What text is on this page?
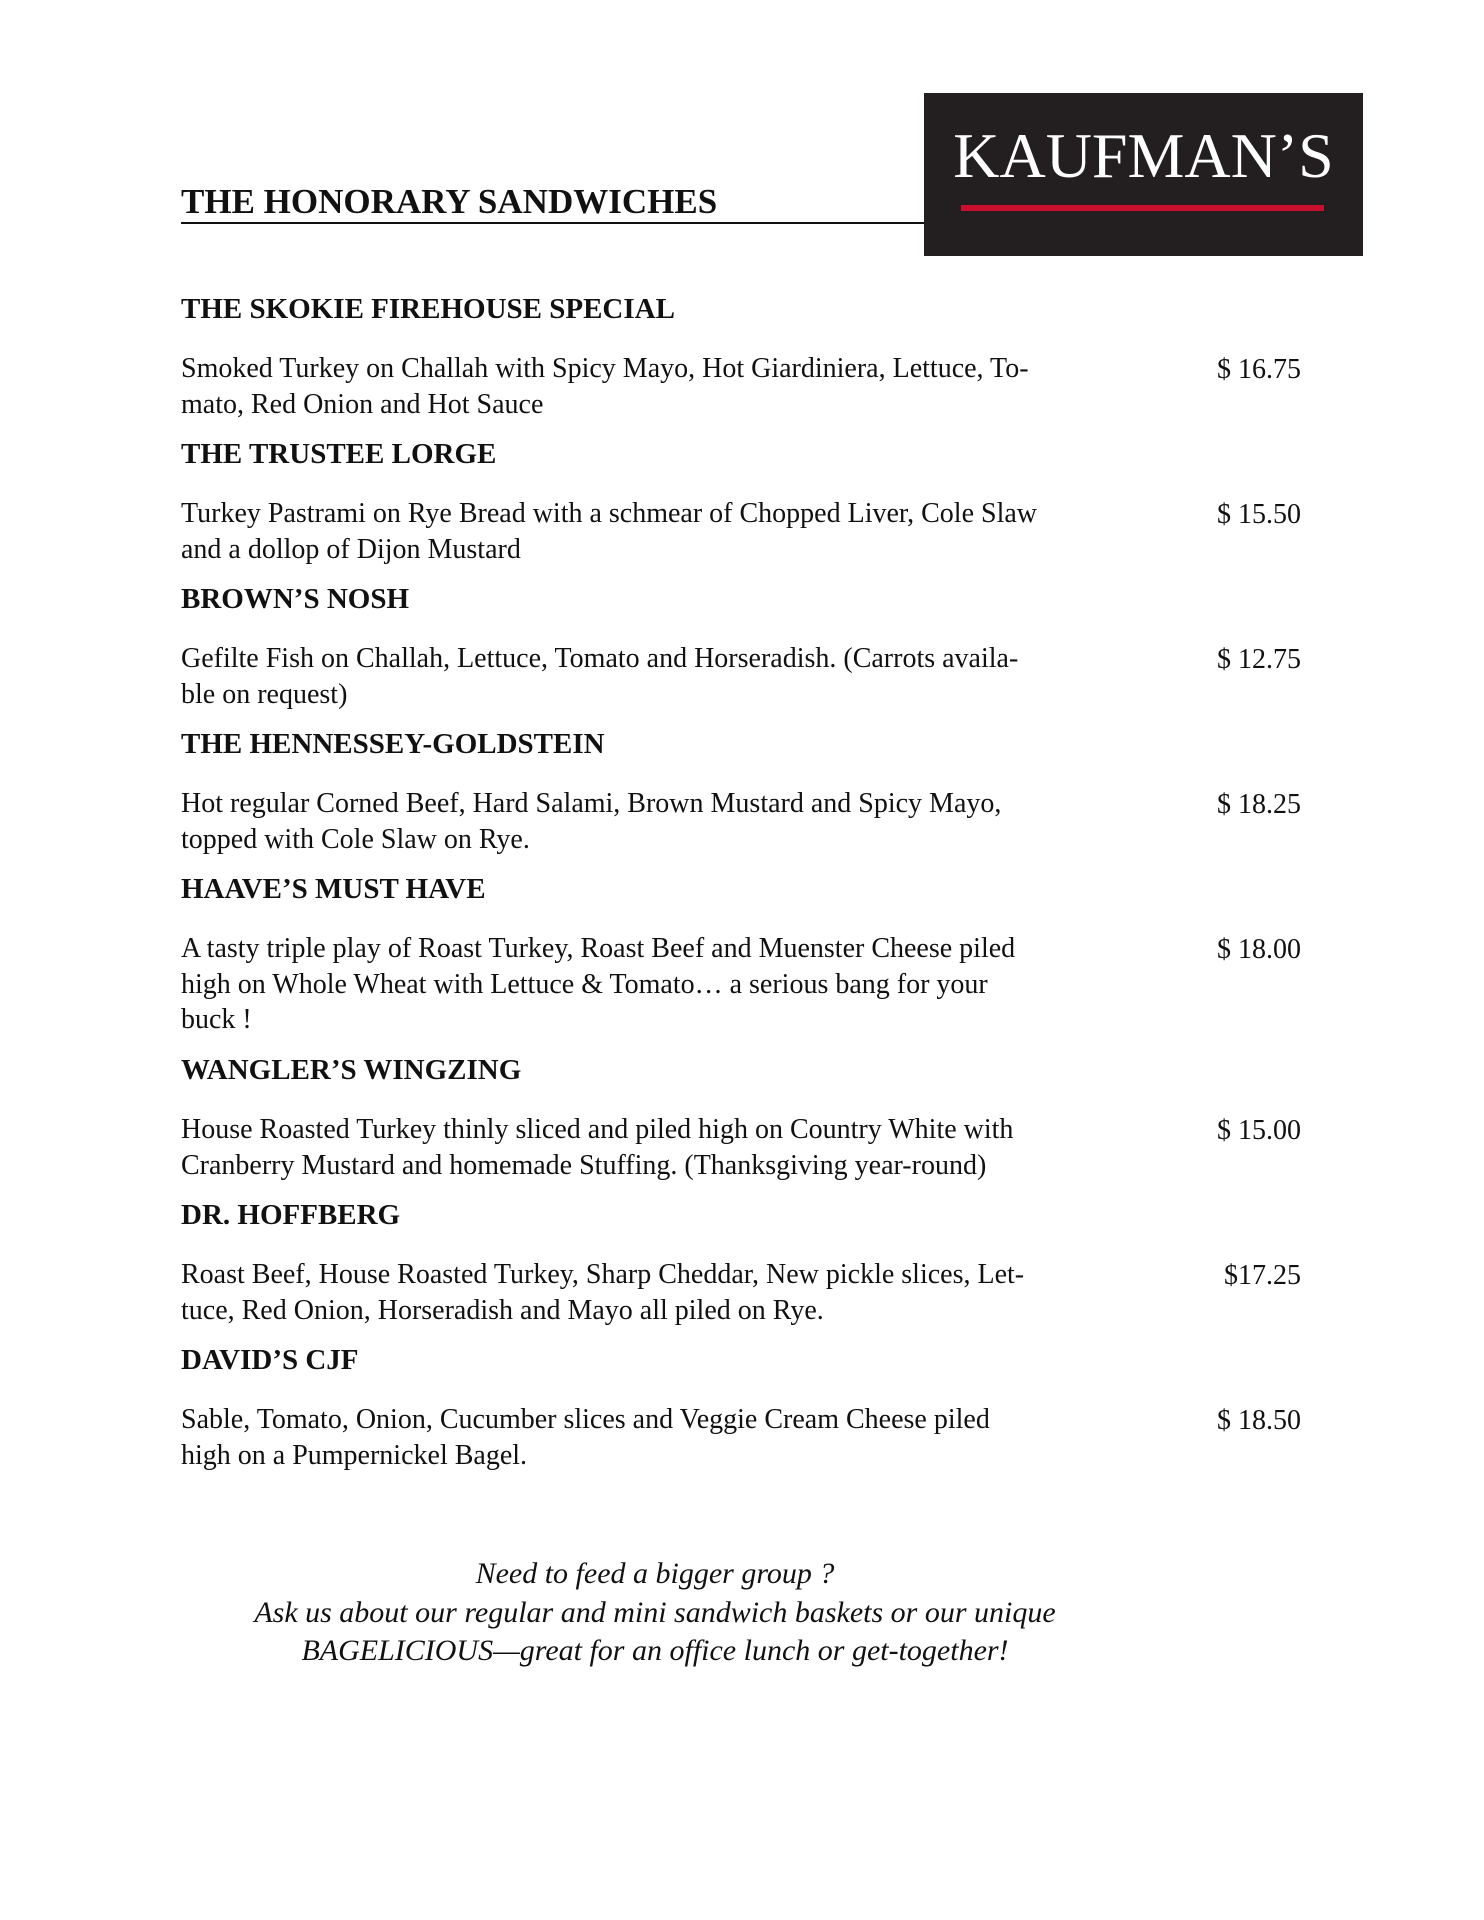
THE HONORARY SANDWICHES
KAUFMAN’S
THE SKOKIE FIREHOUSE SPECIAL
Smoked Turkey on Challah with Spicy Mayo, Hot Giardiniera, Lettuce, To-
mato, Red Onion and Hot Sauce
$ 16.75
THE TRUSTEE LORGE
Turkey Pastrami on Rye Bread with a schmear of Chopped Liver, Cole Slaw
and a dollop of Dijon Mustard
$ 15.50
BROWN’S NOSH
Gefilte Fish on Challah, Lettuce, Tomato and Horseradish. (Carrots availa-
ble on request)
$ 12.75
THE HENNESSEY-GOLDSTEIN
Hot regular Corned Beef, Hard Salami, Brown Mustard and Spicy Mayo,
topped with Cole Slaw on Rye.
$ 18.25
HAAVE’S MUST HAVE
A tasty triple play of Roast Turkey, Roast Beef and Muenster Cheese piled
high on Whole Wheat with Lettuce & Tomato… a serious bang for your
buck !
$ 18.00
WANGLER’S WINGZING
House Roasted Turkey thinly sliced and piled high on Country White with
Cranberry Mustard and homemade Stuffing. (Thanksgiving year-round)
$ 15.00
DR. HOFFBERG
Roast Beef, House Roasted Turkey, Sharp Cheddar, New pickle slices, Let-
tuce, Red Onion, Horseradish and Mayo all piled on Rye.
$17.25
DAVID’S CJF
Sable, Tomato, Onion, Cucumber slices and Veggie Cream Cheese piled
high on a Pumpernickel Bagel.
$ 18.50
Need to feed a bigger group ?
Ask us about our regular and mini sandwich baskets or our unique
BAGELICIOUS—great for an office lunch or get-together!
